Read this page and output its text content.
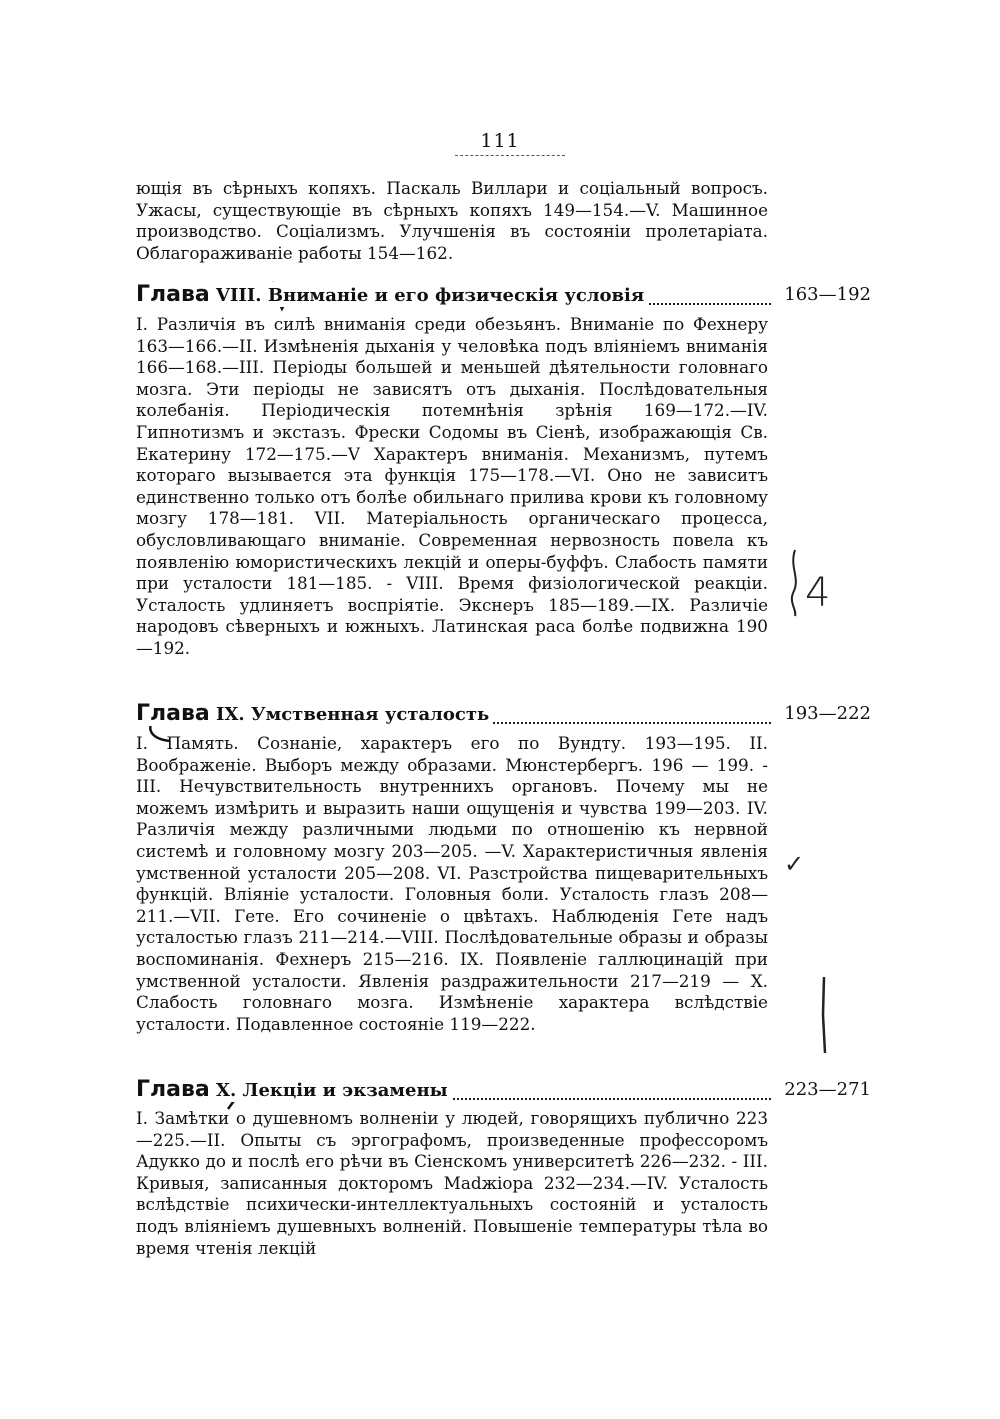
111
ющія въ сѣрныхъ копяхъ. Паскаль Виллари и соціальный вопросъ. Ужасы, существующіе въ сѣрныхъ копяхъ 149—154.—V. Машинное производство. Соціализмъ. Улучшенія въ состояніи пролетаріата. Облагораживаніе работы 154—162.
Глава VIII. Вниманіе и его физическія условія	163—192
I. Различія въ силѣ вниманія среди обезьянъ. Вниманіе по Фехнеру 163—166.—II. Измѣненія дыханія у человѣка подъ вліяніемъ вниманія 166—168.—III. Періоды большей и меньшей дѣятельности головнаго мозга. Эти періоды не зависятъ отъ дыханія. Послѣдовательныя колебанія. Періодическія потемнѣнія зрѣнія 169—172.—IV. Гипнотизмъ и экстазъ. Фрески Содомы въ Сіенѣ, изображающія Св. Екатерину 172—175.—V Характеръ вниманія. Механизмъ, путемъ котораго вызывается эта функція 175—178.—VI. Оно не зависитъ единственно только отъ болѣе обильнаго прилива крови къ головному мозгу 178—181. VII. Матеріальность органическаго процесса, обусловливающаго вниманіе. Современная нервозность повела къ появленію юмористическихъ лекцій и оперы-буффъ. Слабость памяти при усталости 181—185. - VIII. Время физіологической реакціи. Усталость удлиняетъ воспріятіе. Экснеръ 185—189.—IX. Различіе народовъ сѣверныхъ и южныхъ. Латинская раса болѣе подвижна 190—192.
Глава IX. Умственная усталость	193—222
I. Память. Сознаніе, характеръ его по Вундту. 193—195. II. Воображеніе. Выборъ между образами. Мюнстербергъ. 196 — 199. - III. Нечувствительность внутреннихъ органовъ. Почему мы не можемъ измѣрить и выразить наши ощущенія и чувства 199—203. IV. Различія между различными людьми по отношенію къ нервной системѣ и головному мозгу 203—205. —V. Характеристичныя явленія умственной усталости 205—208. VI. Разстройства пищеварительныхъ функцій. Вліяніе усталости. Головныя боли. Усталость глазъ 208—211.—VII. Гете. Его сочиненіе о цвѣтахъ. Наблюденія Гете надъ усталостью глазъ 211—214.—VIII. Послѣдовательные образы и образы воспоминанія. Фехнеръ 215—216. IX. Появленіе галлюцинацій при умственной усталости. Явленія раздражительности 217—219 — X. Слабость головнаго мозга. Измѣненіе характера вслѣдствіе усталости. Подавленное состояніе 119—222.
Глава X. Лекціи и экзамены	223—271
I. Замѣтки о душевномъ волненіи у людей, говорящихъ публично 223—225.—II. Опыты съ эргографомъ, произведенные профессоромъ Адукко до и послѣ его рѣчи въ Сіенскомъ университетѣ 226—232. - III. Кривыя, записанныя докторомъ Madжіора 232—234.—IV. Усталость вслѣдствіе психически-интеллектуальныхъ состояній и усталость подъ вліяніемъ душевныхъ волненій. Повышеніе температуры тѣла во время чтенія лекцій
4
✓
